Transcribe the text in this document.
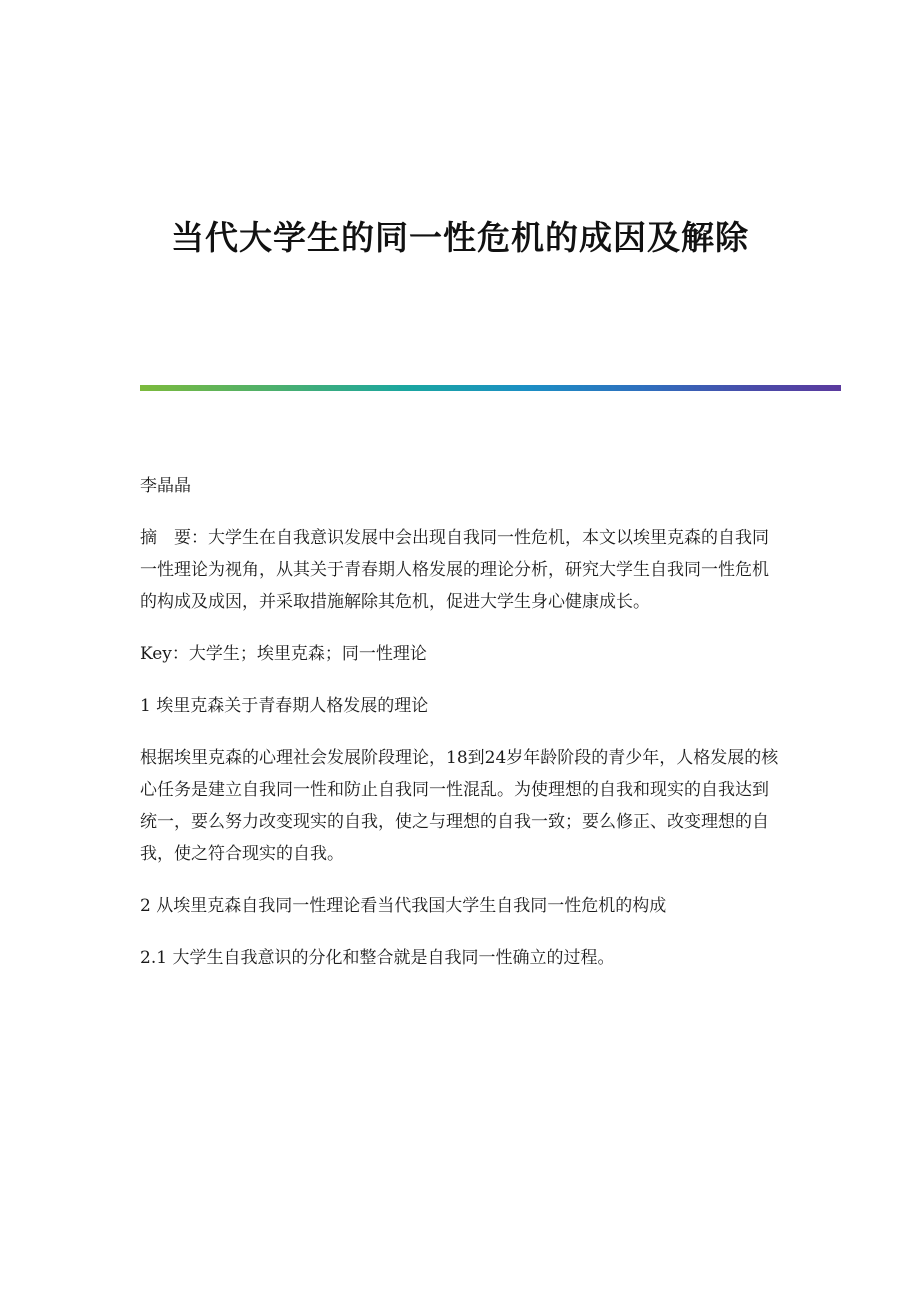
当代大学生的同一性危机的成因及解除

李晶晶

摘　要：大学生在自我意识发展中会出现自我同一性危机，本文以埃里克森的自我同一性理论为视角，从其关于青春期人格发展的理论分析，研究大学生自我同一性危机的构成及成因，并采取措施解除其危机，促进大学生身心健康成长。

Key：大学生；埃里克森；同一性理论

1 埃里克森关于青春期人格发展的理论

根据埃里克森的心理社会发展阶段理论，18到24岁年龄阶段的青少年，人格发展的核心任务是建立自我同一性和防止自我同一性混乱。为使理想的自我和现实的自我达到统一，要么努力改变现实的自我，使之与理想的自我一致；要么修正、改变理想的自我，使之符合现实的自我。

2 从埃里克森自我同一性理论看当代我国大学生自我同一性危机的构成

2.1 大学生自我意识的分化和整合就是自我同一性确立的过程。
